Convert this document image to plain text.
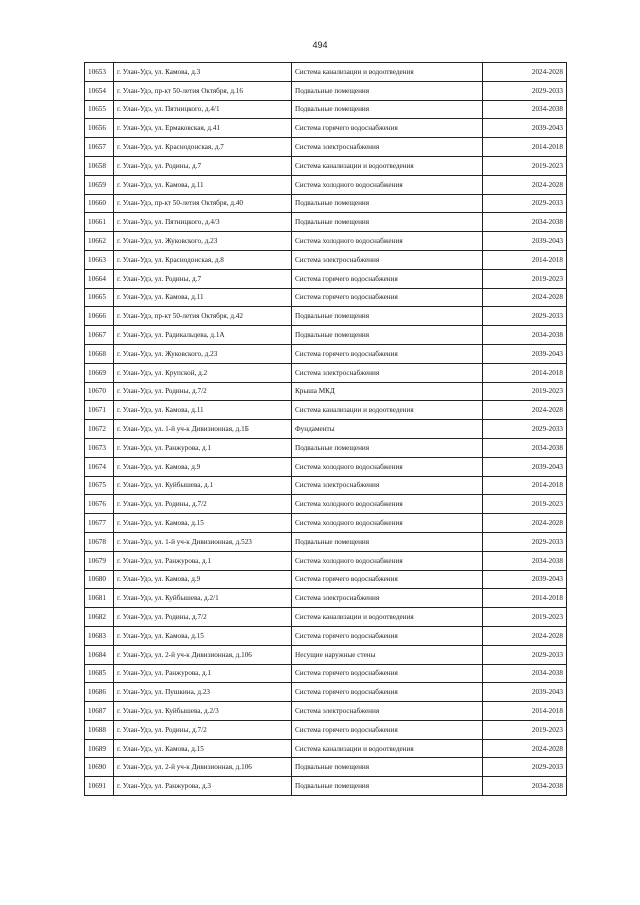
494
10653	г. Улан-Удэ, ул. Камова, д.3	Система канализации и водоотведения	2024-2028
10654	г. Улан-Удэ, пр-кт 50-летия Октября, д.16	Подвальные помещения	2029-2033
10655	г. Улан-Удэ, ул. Пятницкого, д.4/1	Подвальные помещения	2034-2038
10656	г. Улан-Удэ, ул. Ермаковская, д.41	Система горячего водоснабжения	2039-2043
10657	г. Улан-Удэ, ул. Краснодонская, д.7	Система электроснабжения	2014-2018
10658	г. Улан-Удэ, ул. Родины, д.7	Система канализации и водоотведения	2019-2023
10659	г. Улан-Удэ, ул. Камова, д.11	Система холодного водоснабжения	2024-2028
10660	г. Улан-Удэ, пр-кт 50-летия Октября, д.40	Подвальные помещения	2029-2033
10661	г. Улан-Удэ, ул. Пятницкого, д.4/3	Подвальные помещения	2034-2038
10662	г. Улан-Удэ, ул. Жуковского, д.23	Система холодного водоснабжения	2039-2043
10663	г. Улан-Удэ, ул. Краснодонская, д.8	Система электроснабжения	2014-2018
10664	г. Улан-Удэ, ул. Родины, д.7	Система горячего водоснабжения	2019-2023
10665	г. Улан-Удэ, ул. Камова, д.11	Система горячего водоснабжения	2024-2028
10666	г. Улан-Удэ, пр-кт 50-летия Октября, д.42	Подвальные помещения	2029-2033
10667	г. Улан-Удэ, ул. Радикальцева, д.1А	Подвальные помещения	2034-2038
10668	г. Улан-Удэ, ул. Жуковского, д.23	Система горячего водоснабжения	2039-2043
10669	г. Улан-Удэ, ул. Крупской, д.2	Система электроснабжения	2014-2018
10670	г. Улан-Удэ, ул. Родины, д.7/2	Крыша МКД	2019-2023
10671	г. Улан-Удэ, ул. Камова, д.11	Система канализации и водоотведения	2024-2028
10672	г. Улан-Удэ, ул. 1-й уч-к Дивизионная, д.1Б	Фундаменты	2029-2033
10673	г. Улан-Удэ, ул. Ранжурова, д.1	Подвальные помещения	2034-2038
10674	г. Улан-Удэ, ул. Камова, д.9	Система холодного водоснабжения	2039-2043
10675	г. Улан-Удэ, ул. Куйбышева, д.1	Система электроснабжения	2014-2018
10676	г. Улан-Удэ, ул. Родины, д.7/2	Система холодного водоснабжения	2019-2023
10677	г. Улан-Удэ, ул. Камова, д.15	Система холодного водоснабжения	2024-2028
10678	г. Улан-Удэ, ул. 1-й уч-к Дивизионная, д.523	Подвальные помещения	2029-2033
10679	г. Улан-Удэ, ул. Ранжурова, д.1	Система холодного водоснабжения	2034-2038
10680	г. Улан-Удэ, ул. Камова, д.9	Система горячего водоснабжения	2039-2043
10681	г. Улан-Удэ, ул. Куйбышева, д.2/1	Система электроснабжения	2014-2018
10682	г. Улан-Удэ, ул. Родины, д.7/2	Система канализации и водоотведения	2019-2023
10683	г. Улан-Удэ, ул. Камова, д.15	Система горячего водоснабжения	2024-2028
10684	г. Улан-Удэ, ул. 2-й уч-к Дивизионная, д.106	Несущие наружные стены	2029-2033
10685	г. Улан-Удэ, ул. Ранжурова, д.1	Система горячего водоснабжения	2034-2038
10686	г. Улан-Удэ, ул. Пушкина, д.23	Система горячего водоснабжения	2039-2043
10687	г. Улан-Удэ, ул. Куйбышева, д.2/3	Система электроснабжения	2014-2018
10688	г. Улан-Удэ, ул. Родины, д.7/2	Система горячего водоснабжения	2019-2023
10689	г. Улан-Удэ, ул. Камова, д.15	Система канализации и водоотведения	2024-2028
10690	г. Улан-Удэ, ул. 2-й уч-к Дивизионная, д.106	Подвальные помещения	2029-2033
10691	г. Улан-Удэ, ул. Ранжурова, д.3	Подвальные помещения	2034-2038
